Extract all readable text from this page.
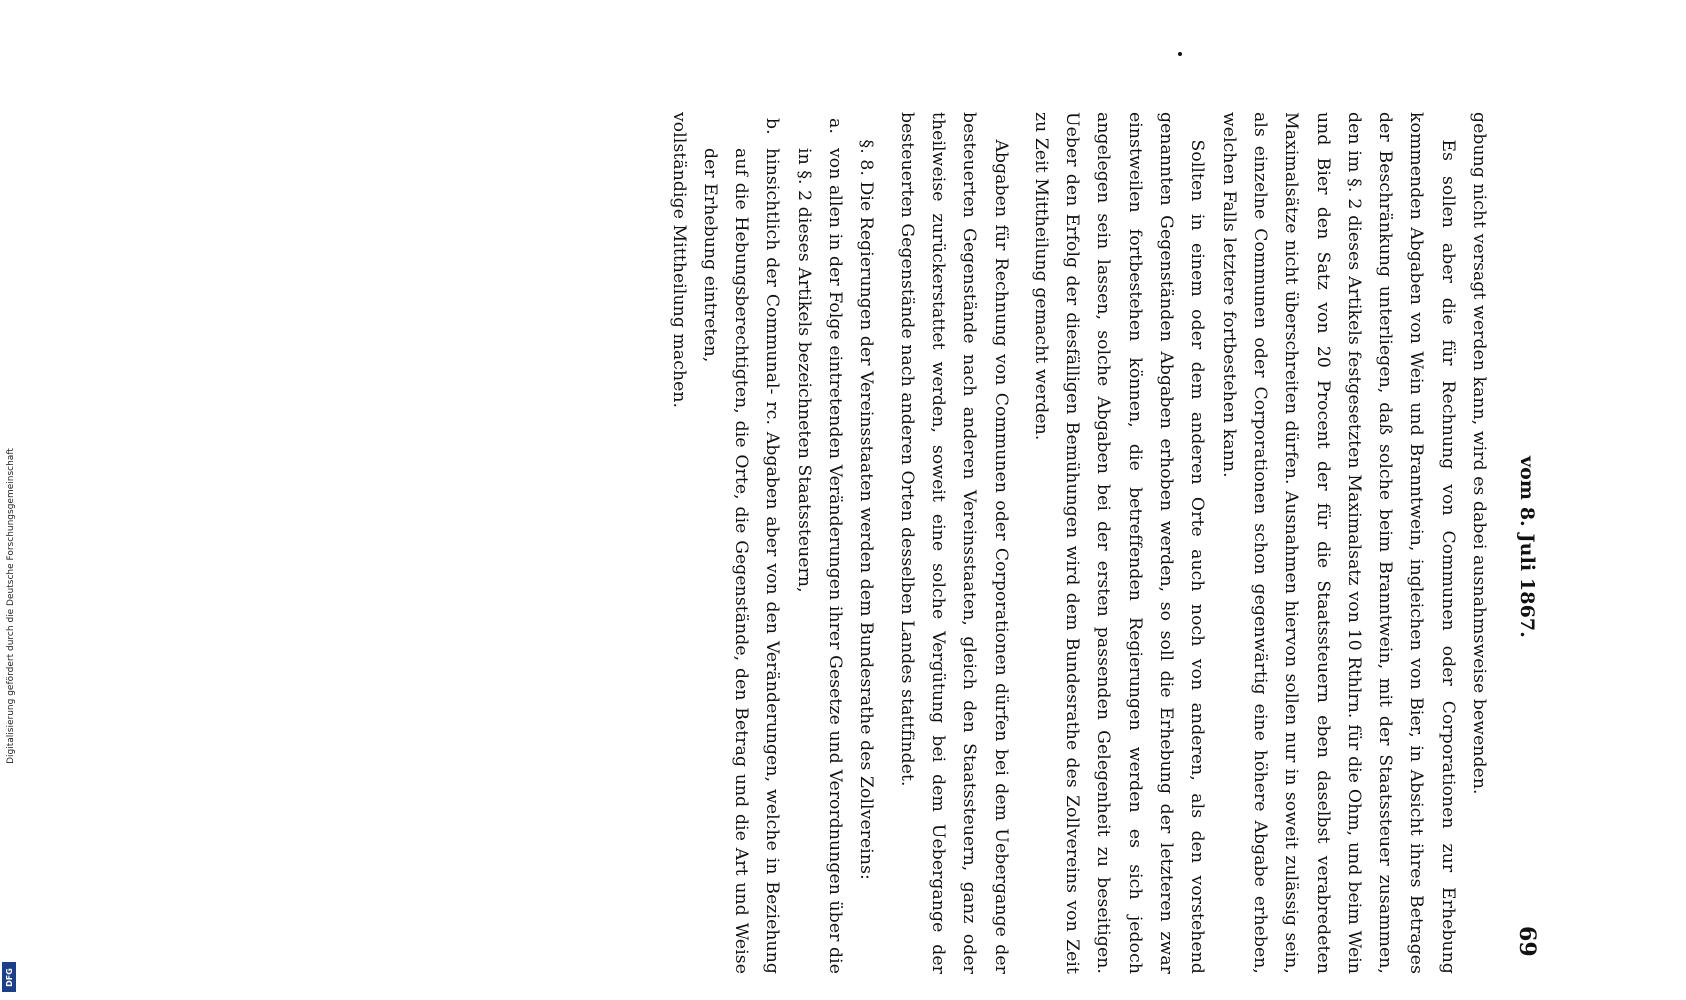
Digitalisierung gefördert durch die Deutsche Forschungsgemeinschaft
DFG
vom 8. Juli 1867.
69

gebung nicht versagt werden kann, wird es dabei ausnahmsweise bewenden.

Es sollen aber die für Rechnung von Communen oder Corporationen zur Erhebung kommenden Abgaben von Wein und Branntwein, ingleichen von Bier, in Absicht ihres Betrages der Beschränkung unterliegen, daß solche beim Branntwein, mit der Staatssteuer zusammen, den im §. 2 dieses Artikels festgesetzten Maximalsatz von 10 Rthlrn. für die Ohm, und beim Wein und Bier den Satz von 20 Procent der für die Staatssteuern eben daselbst verabredeten Maximalsätze nicht überschreiten dürfen. Ausnahmen hiervon sollen nur in soweit zulässig sein, als einzelne Communen oder Corporationen schon gegenwärtig eine höhere Abgabe erheben, welchen Falls letztere fortbestehen kann.

Sollten in einem oder dem anderen Orte auch noch von anderen, als den vorstehend genannten Gegenständen Abgaben erhoben werden, so soll die Erhebung der letzteren zwar einstweilen fortbestehen können, die betreffenden Regierungen werden es sich jedoch angelegen sein lassen, solche Abgaben bei der ersten passenden Gelegenheit zu beseitigen. Ueber den Erfolg der diesfälligen Bemühungen wird dem Bundesrathe des Zollvereins von Zeit zu Zeit Mittheilung gemacht werden.

Abgaben für Rechnung von Communen oder Corporationen dürfen bei dem Uebergange der besteuerten Gegenstände nach anderen Vereinsstaaten, gleich den Staatssteuern, ganz oder theilweise zurückerstattet werden, soweit eine solche Vergütung bei dem Uebergange der besteuerten Gegenstände nach anderen Orten desselben Landes stattfindet.

§. 8. Die Regierungen der Vereinsstaaten werden dem Bundesrathe des Zollvereins:

a.
von allen in der Folge eintretenden Veränderungen ihrer Gesetze und Verordnungen über die in §. 2 dieses Artikels bezeichneten Staatssteuern,
b.
hinsichtlich der Communal- rc. Abgaben aber von den Veränderungen, welche in Beziehung auf die Hebungsberechtigten, die Orte, die Gegenstände, den Betrag und die Art und Weise der Erhebung eintreten,

vollständige Mittheilung machen.
